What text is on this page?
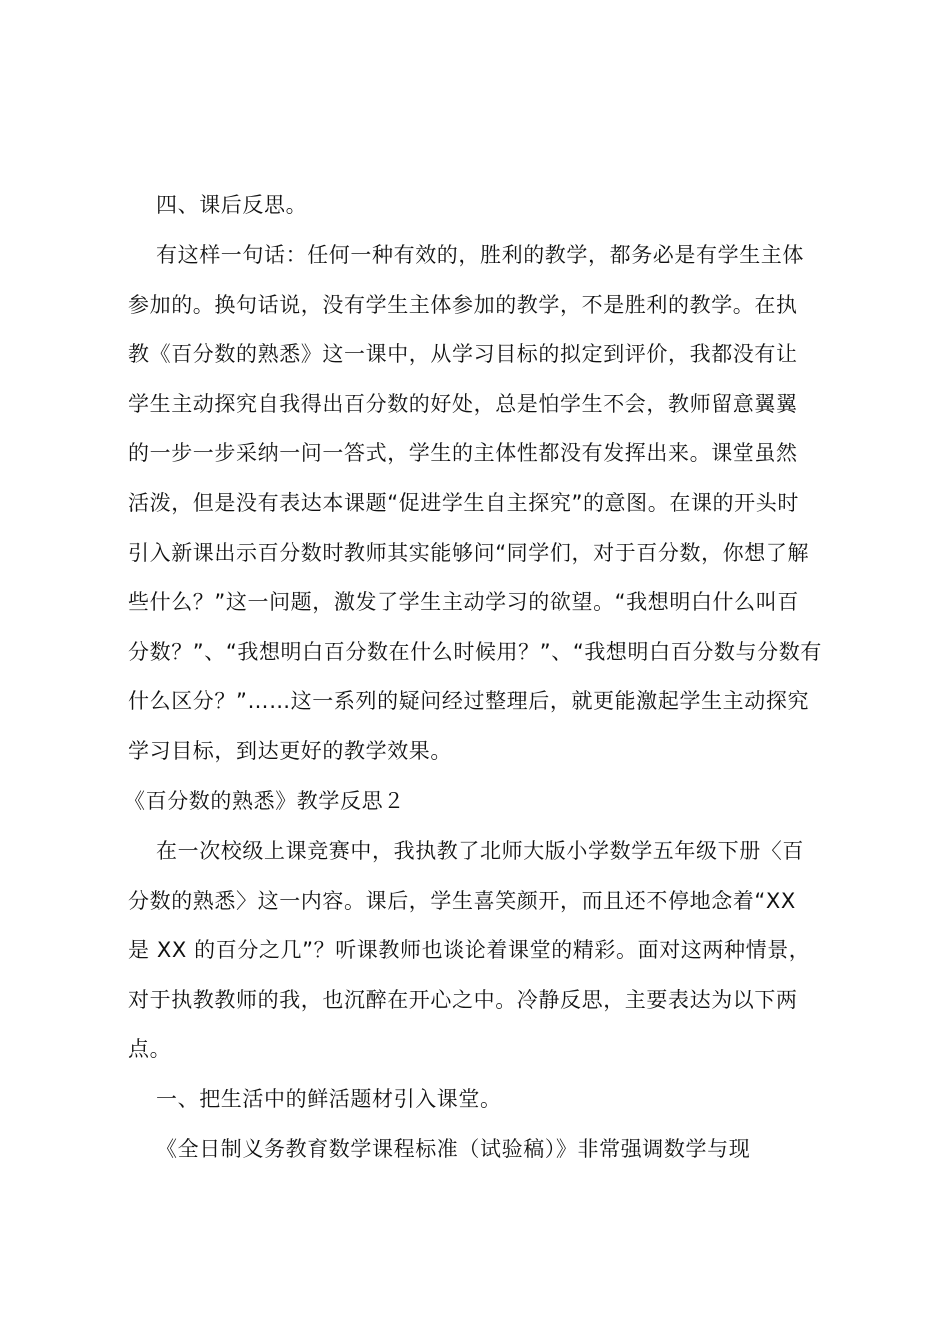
四、课后反思。

有这样一句话：任何一种有效的，胜利的教学，都务必是有学生主体

参加的。换句话说，没有学生主体参加的教学，不是胜利的教学。在执

教《百分数的熟悉》这一课中，从学习目标的拟定到评价，我都没有让

学生主动探究自我得出百分数的好处，总是怕学生不会，教师留意翼翼

的一步一步采纳一问一答式，学生的主体性都没有发挥出来。课堂虽然

活泼，但是没有表达本课题“促进学生自主探究”的意图。在课的开头时

引入新课出示百分数时教师其实能够问“同学们，对于百分数，你想了解

些什么？”这一问题，激发了学生主动学习的欲望。“我想明白什么叫百

分数？”、“我想明白百分数在什么时候用？”、“我想明白百分数与分数有

什么区分？”……这一系列的疑问经过整理后，就更能激起学生主动探究

学习目标，到达更好的教学效果。

《百分数的熟悉》教学反思２

在一次校级上课竞赛中，我执教了北师大版小学数学五年级下册〈百

分数的熟悉〉这一内容。课后，学生喜笑颜开，而且还不停地念着“XX

是 XX 的百分之几”？听课教师也谈论着课堂的精彩。面对这两种情景，

对于执教教师的我，也沉醉在开心之中。冷静反思，主要表达为以下两

点。

一、把生活中的鲜活题材引入课堂。

《全日制义务教育数学课程标准（试验稿）》非常强调数学与现
